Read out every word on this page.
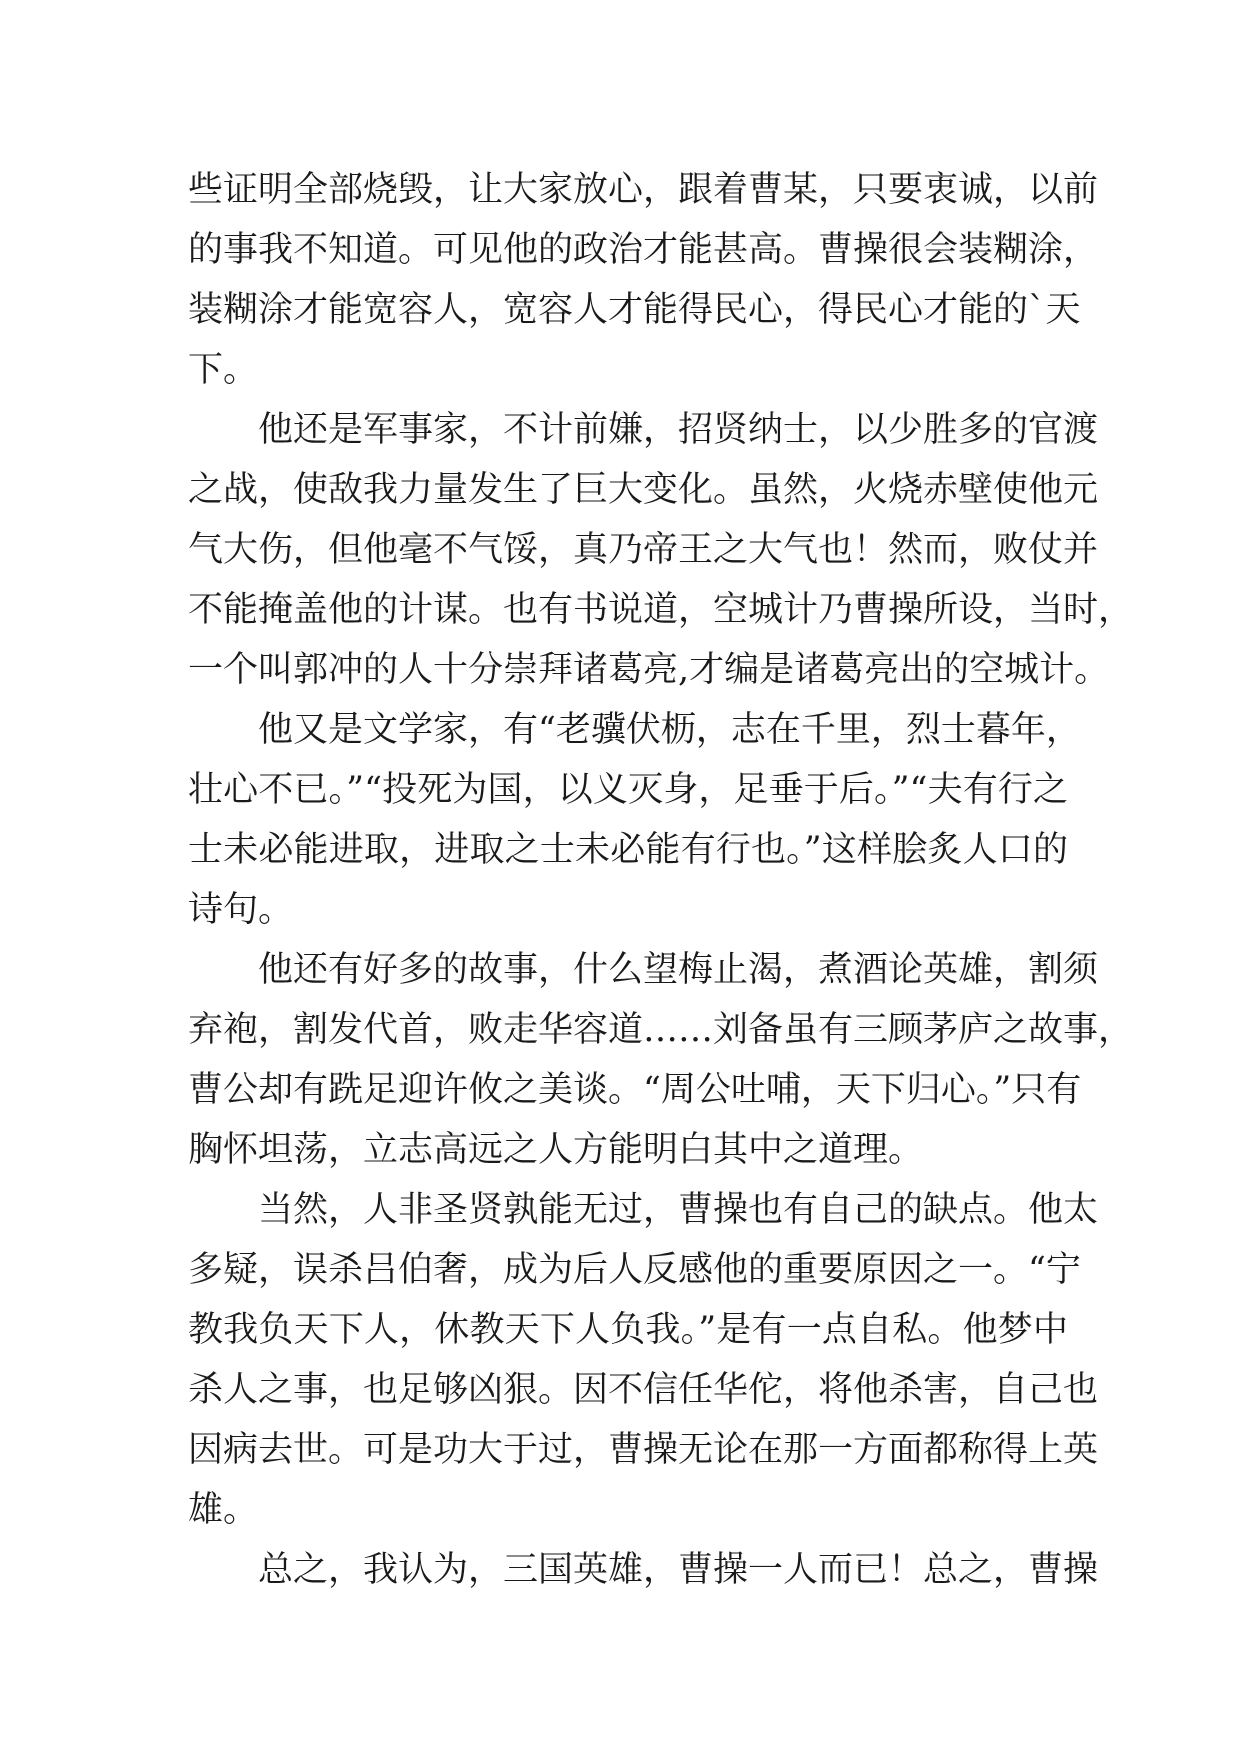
些证明全部烧毁，让大家放心，跟着曹某，只要衷诚，以前
的事我不知道。可见他的政治才能甚高。曹操很会装糊涂，
装糊涂才能宽容人，宽容人才能得民心，得民心才能的`天
下。
他还是军事家，不计前嫌，招贤纳士，以少胜多的官渡
之战，使敌我力量发生了巨大变化。虽然，火烧赤壁使他元
气大伤，但他毫不气馁，真乃帝王之大气也！然而，败仗并
不能掩盖他的计谋。也有书说道，空城计乃曹操所设，当时，
一个叫郭冲的人十分崇拜诸葛亮,才编是诸葛亮出的空城计。
他又是文学家，有“老骥伏枥，志在千里，烈士暮年，
壮心不已。”“投死为国，以义灭身，足垂于后。”“夫有行之
士未必能进取，进取之士未必能有行也。”这样脍炙人口的
诗句。
他还有好多的故事，什么望梅止渴，煮酒论英雄，割须
弃袍，割发代首，败走华容道……刘备虽有三顾茅庐之故事，
曹公却有跣足迎许攸之美谈。“周公吐哺，天下归心。”只有
胸怀坦荡，立志高远之人方能明白其中之道理。
当然，人非圣贤孰能无过，曹操也有自己的缺点。他太
多疑，误杀吕伯奢，成为后人反感他的重要原因之一。“宁
教我负天下人，休教天下人负我。”是有一点自私。他梦中
杀人之事，也足够凶狠。因不信任华佗，将他杀害，自己也
因病去世。可是功大于过，曹操无论在那一方面都称得上英
雄。
总之，我认为，三国英雄，曹操一人而已！总之，曹操
